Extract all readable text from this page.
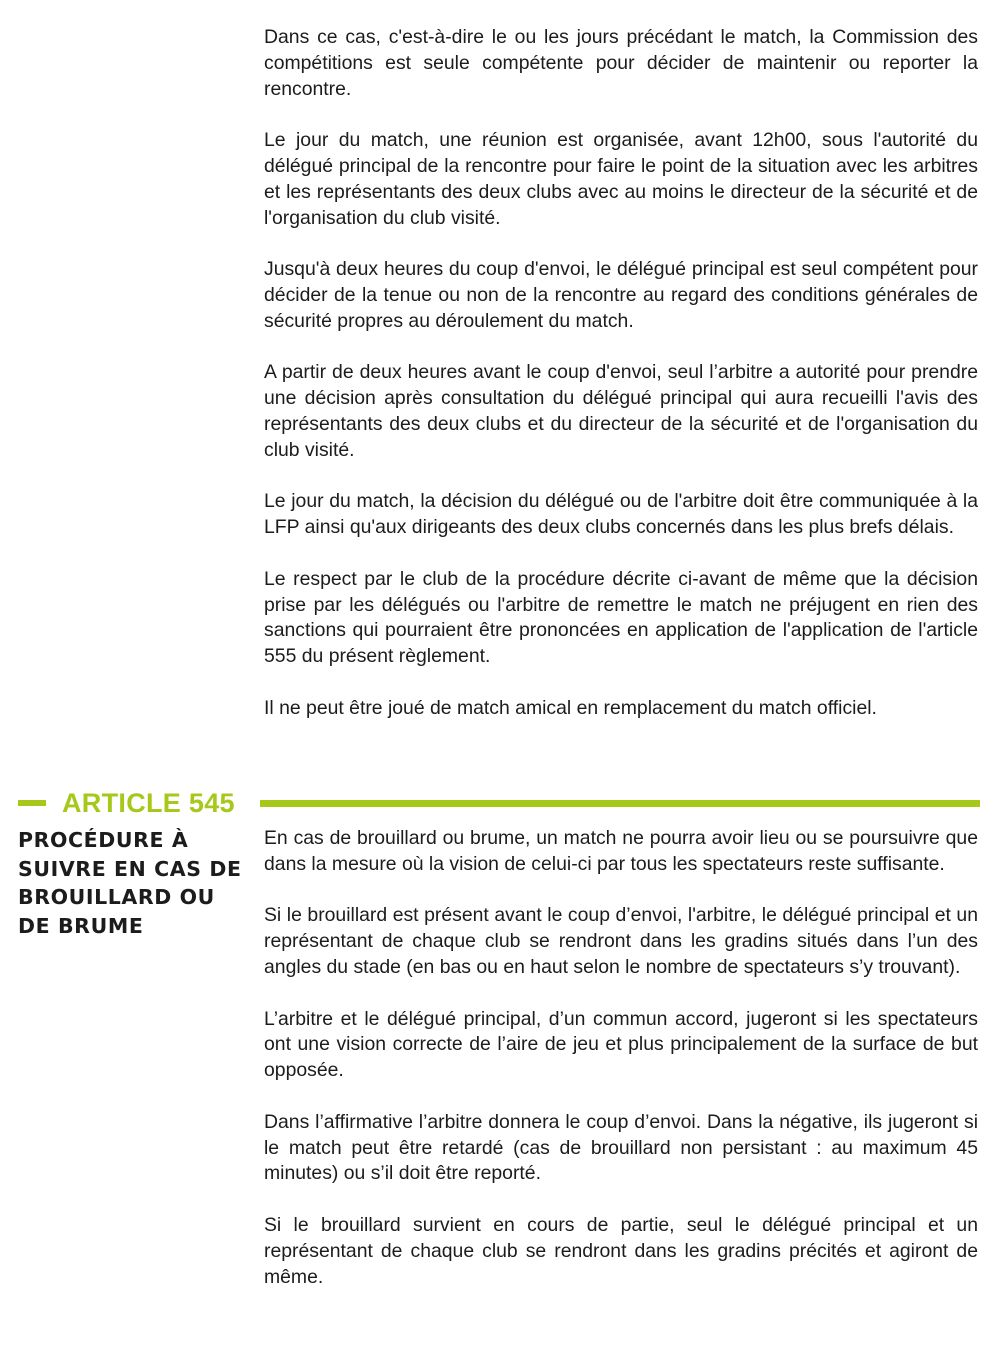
Dans ce cas, c'est-à-dire le ou les jours précédant le match, la Commission des compétitions est seule compétente pour décider de maintenir ou reporter la rencontre.

Le jour du match, une réunion est organisée, avant 12h00, sous l'autorité du délégué principal de la rencontre pour faire le point de la situation avec les arbitres et les représentants des deux clubs avec au moins le directeur de la sécurité et de l'organisation du club visité.

Jusqu'à deux heures du coup d'envoi, le délégué principal est seul compétent pour décider de la tenue ou non de la rencontre au regard des conditions générales de sécurité propres au déroulement du match.

A partir de deux heures avant le coup d'envoi, seul l’arbitre a autorité pour prendre une décision après consultation du délégué principal qui aura recueilli l'avis des représentants des deux clubs et du directeur de la sécurité et de l'organisation du club visité.

Le jour du match, la décision du délégué ou de l'arbitre doit être communiquée à la LFP ainsi qu'aux dirigeants des deux clubs concernés dans les plus brefs délais.

Le respect par le club de la procédure décrite ci-avant de même que la décision prise par les délégués ou l'arbitre de remettre le match ne préjugent en rien des sanctions qui pourraient être prononcées en application de l'application de l'article 555 du présent règlement.

Il ne peut être joué de match amical en remplacement du match officiel.

ARTICLE 545
PROCÉDURE À SUIVRE EN CAS DE BROUILLARD OU DE BRUME

En cas de brouillard ou brume, un match ne pourra avoir lieu ou se poursuivre que dans la mesure où la vision de celui-ci par tous les spectateurs reste suffisante.

Si le brouillard est présent avant le coup d’envoi, l'arbitre, le délégué principal et un représentant de chaque club se rendront dans les gradins situés dans l’un des angles du stade (en bas ou en haut selon le nombre de spectateurs s’y trouvant).

L’arbitre et le délégué principal, d’un commun accord, jugeront si les spectateurs ont une vision correcte de l’aire de jeu et plus principalement de la surface de but opposée.

Dans l’affirmative l’arbitre donnera le coup d’envoi. Dans la négative, ils jugeront si le match peut être retardé (cas de brouillard non persistant : au maximum 45 minutes) ou s’il doit être reporté.

Si le brouillard survient en cours de partie, seul le délégué principal et un représentant de chaque club se rendront dans les gradins précités et agiront de même.
